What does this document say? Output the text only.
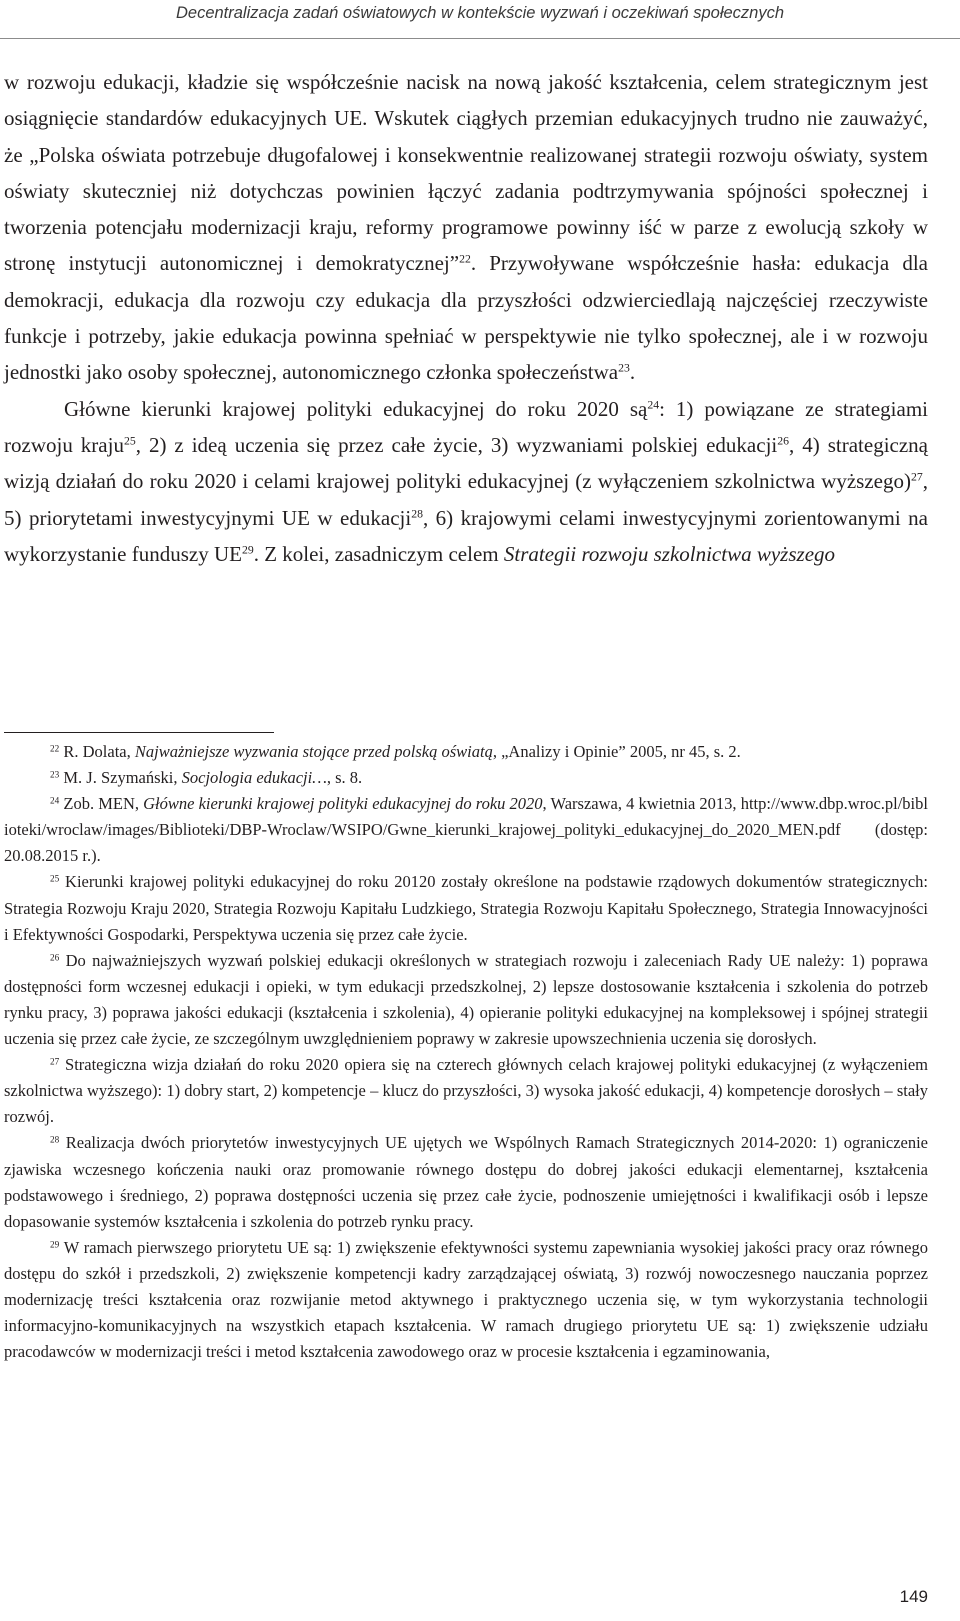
Decentralizacja zadań oświatowych w kontekście wyzwań i oczekiwań społecznych

w rozwoju edukacji, kładzie się współcześnie nacisk na nową jakość kształcenia, celem strategicznym jest osiągnięcie standardów edukacyjnych UE. Wskutek ciągłych przemian edukacyjnych trudno nie zauważyć, że „Polska oświata potrzebuje długofalowej i konsekwentnie realizowanej strategii rozwoju oświaty, system oświaty skuteczniej niż dotychczas powinien łączyć zadania podtrzymywania spójności społecznej i tworzenia potencjału modernizacji kraju, reformy programowe powinny iść w parze z ewolucją szkoły w stronę instytucji autonomicznej i demokratycznej”$^{22}$. Przywoływane współcześnie hasła: edukacja dla demokracji, edukacja dla rozwoju czy edukacja dla przyszłości odzwierciedlają najczęściej rzeczywiste funkcje i potrzeby, jakie edukacja powinna spełniać w perspektywie nie tylko społecznej, ale i w rozwoju jednostki jako osoby społecznej, autonomicznego członka społeczeństwa$^{23}$.

Główne kierunki krajowej polityki edukacyjnej do roku 2020 $są^{24}$: 1) powiązane ze strategiami rozwoju kraju$^{25}$, 2) z ideą uczenia się przez całe życie, 3) wyzwaniami polskiej edukacji$^{26}$, 4) strategiczną wizją działań do roku 2020 i celami krajowej polityki edukacyjnej (z wyłączeniem szkolnictwa wyższego)$^{27}$, 5) priorytetami inwestycyjnymi UE w edukacji$^{28}$, 6) krajowymi celami inwestycyjnymi zorientowanymi na wykorzystanie funduszy UE$^{29}$. Z kolei, zasadniczym celem Strategii rozwoju szkolnictwa wyższego

$^{22}$ R. Dolata, Najważniejsze wyzwania stojące przed polską oświatą, „Analizy i Opinie” 2005, nr 45, s. 2.

$^{23}$ M. J. Szymański, Socjologia edukacji…, s. 8.

$^{24}$ Zob. MEN, Główne kierunki krajowej polityki edukacyjnej do roku 2020, Warszawa, 4 kwietnia 2013, http://www.dbp.wroc.pl/biblioteki/wroclaw/images/Biblioteki/DBP-Wroclaw/WSIPO/Gwne_kierunki_krajowej_polityki_edukacyjnej_do_2020_MEN.pdf (dostęp: 20.08.2015 r.).

$^{25}$ Kierunki krajowej polityki edukacyjnej do roku 20120 zostały określone na podstawie rządowych dokumentów strategicznych: Strategia Rozwoju Kraju 2020, Strategia Rozwoju Kapitału Ludzkiego, Strategia Rozwoju Kapitału Społecznego, Strategia Innowacyjności i Efektywności Gospodarki, Perspektywa uczenia się przez całe życie.

$^{26}$ Do najważniejszych wyzwań polskiej edukacji określonych w strategiach rozwoju i zaleceniach Rady UE należy: 1) poprawa dostępności form wczesnej edukacji i opieki, w tym edukacji przedszkolnej, 2) lepsze dostosowanie kształcenia i szkolenia do potrzeb rynku pracy, 3) poprawa jakości edukacji (kształcenia i szkolenia), 4) opieranie polityki edukacyjnej na kompleksowej i spójnej strategii uczenia się przez całe życie, ze szczególnym uwzględnieniem poprawy w zakresie upowszechnienia uczenia się dorosłych.

$^{27}$ Strategiczna wizja działań do roku 2020 opiera się na czterech głównych celach krajowej polityki edukacyjnej (z wyłączeniem szkolnictwa wyższego): 1) dobry start, 2) kompetencje – klucz do przyszłości, 3) wysoka jakość edukacji, 4) kompetencje dorosłych – stały rozwój.

$^{28}$ Realizacja dwóch priorytetów inwestycyjnych UE ujętych we Wspólnych Ramach Strategicznych 2014-2020: 1) ograniczenie zjawiska wczesnego kończenia nauki oraz promowanie równego dostępu do dobrej jakości edukacji elementarnej, kształcenia podstawowego i średniego, 2) poprawa dostępności uczenia się przez całe życie, podnoszenie umiejętności i kwalifikacji osób i lepsze dopasowanie systemów kształcenia i szkolenia do potrzeb rynku pracy.

$^{29}$ W ramach pierwszego priorytetu UE są: 1) zwiększenie efektywności systemu zapewniania wysokiej jakości pracy oraz równego dostępu do szkół i przedszkoli, 2) zwiększenie kompetencji kadry zarządzającej oświatą, 3) rozwój nowoczesnego nauczania poprzez modernizację treści kształcenia oraz rozwijanie metod aktywnego i praktycznego uczenia się, w tym wykorzystania technologii informacyjno-komunikacyjnych na wszystkich etapach kształcenia. W ramach drugiego priorytetu UE są: 1) zwiększenie udziału pracodawców w modernizacji treści i metod kształcenia zawodowego oraz w procesie kształcenia i egzaminowania,

149
